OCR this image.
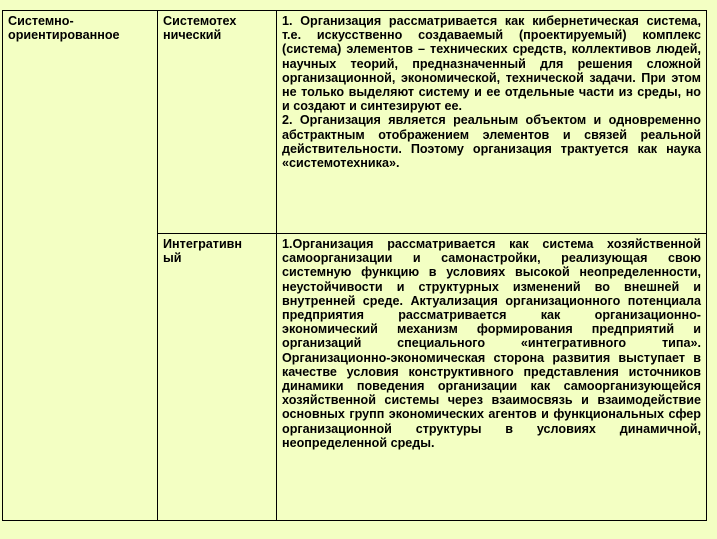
Системно-

ориентированное

Системотех

нический

1. Организация рассматривается как кибернетическая система, т.е. искусственно создаваемый (проектируемый) комплекс (система) элементов – технических средств, коллективов людей, научных теорий, предназначенный для решения сложной организационной, экономической, технической задачи. При этом не только выделяют систему и ее отдельные части из среды, но и создают и синтезируют ее.

2. Организация является реальным объектом и одновременно абстрактным отображением элементов и связей реальной действительности. Поэтому организация трактуется как наука «системотехника».

Интегративн

ый

1.Организация рассматривается как система хозяйственной самоорганизации и самонастройки, реализующая свою системную функцию в условиях высокой неопределенности, неустойчивости и структурных изменений во внешней и внутренней среде. Актуализация организационного потенциала предприятия рассматривается как организационно-экономический механизм формирования предприятий и организаций специального «интегративного типа». Организационно-экономическая сторона развития выступает в качестве условия конструктивного представления источников динамики поведения организации как самоорганизующейся хозяйственной системы через взаимосвязь и взаимодействие основных групп экономических агентов и функциональных сфер организационной структуры в условиях динамичной, неопределенной среды.
